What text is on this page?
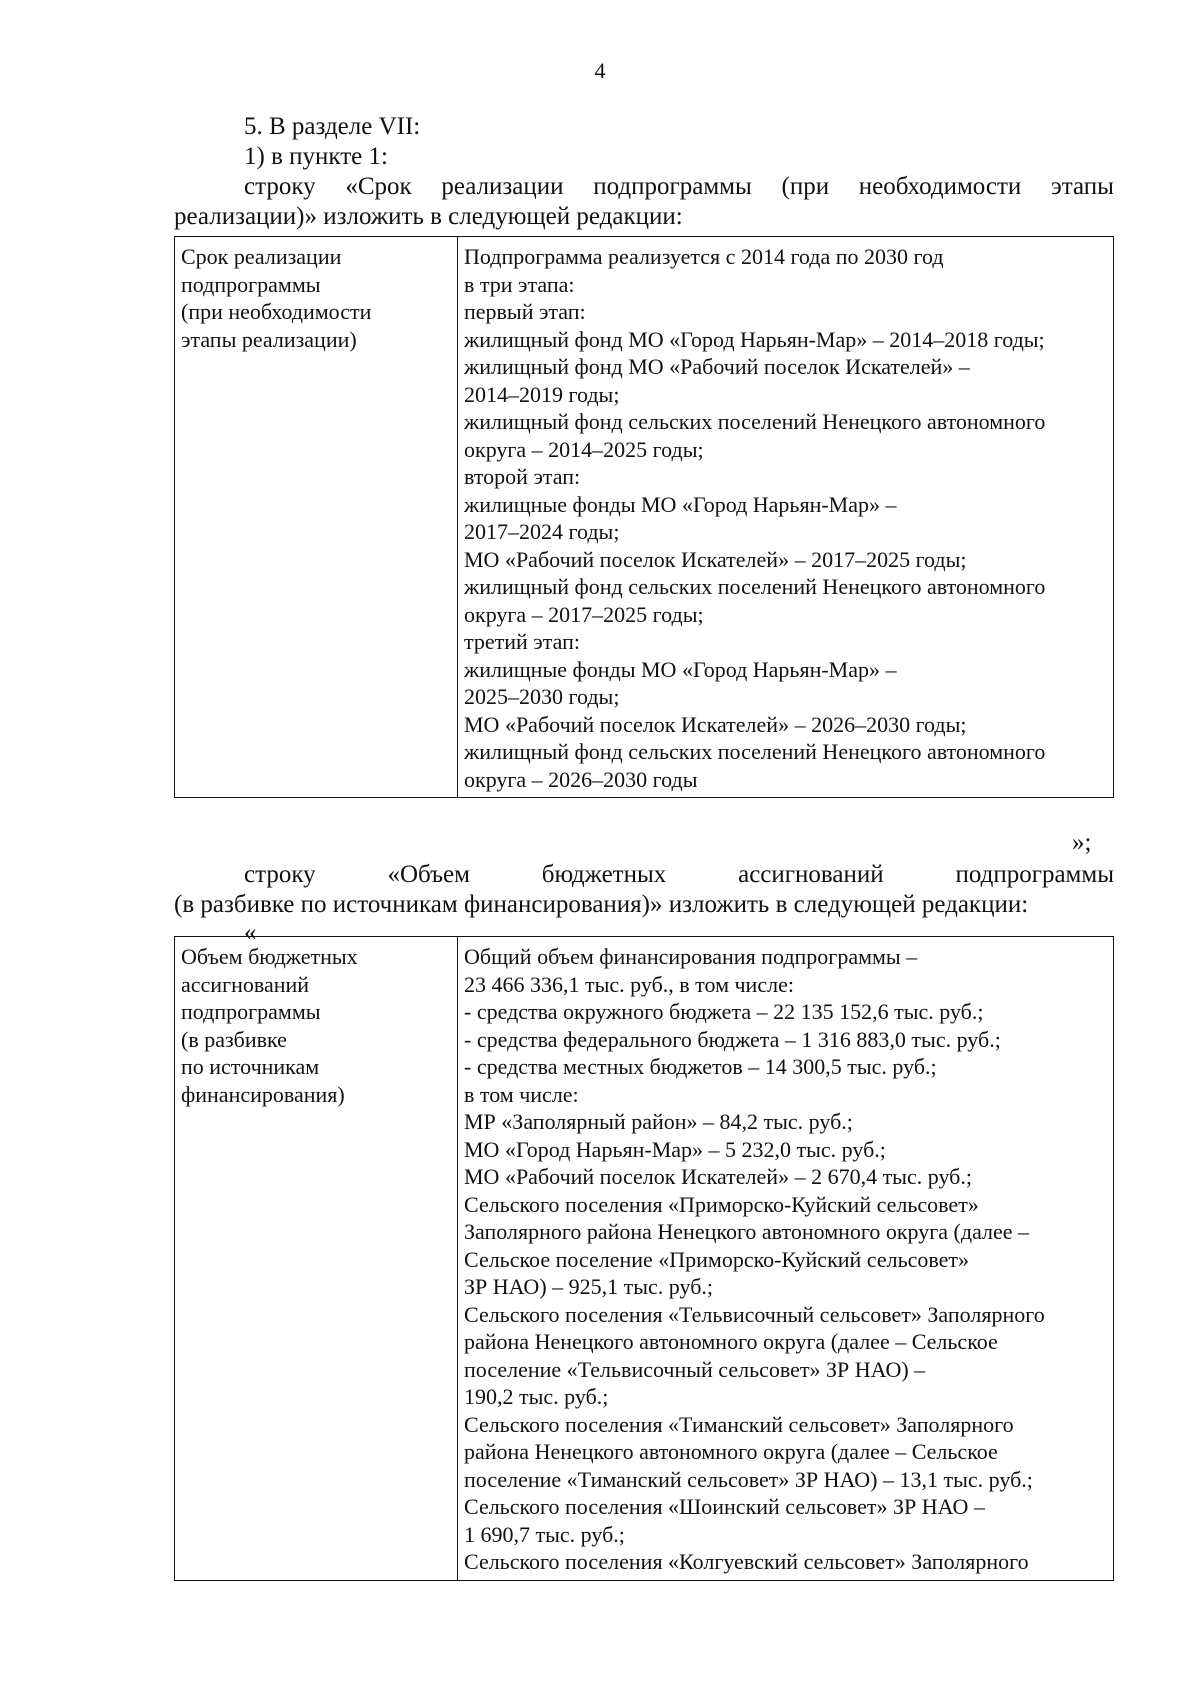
4
5. В разделе VII:
1) в пункте 1:
строку «Срок реализации подпрограммы (при необходимости этапы
реализации)» изложить в следующей редакции:
Срок реализации
подпрограммы
(при необходимости
этапы реализации)

Подпрограмма реализуется с 2014 года по 2030 год
в три этапа:
первый этап:
жилищный фонд МО «Город Нарьян-Мар» – 2014–2018 годы;
жилищный фонд МО «Рабочий поселок Искателей» –
2014–2019 годы;
жилищный фонд сельских поселений Ненецкого автономного
округа – 2014–2025 годы;
второй этап:
жилищные фонды МО «Город Нарьян-Мар» –
2017–2024 годы;
МО «Рабочий поселок Искателей» – 2017–2025 годы;
жилищный фонд сельских поселений Ненецкого автономного
округа – 2017–2025 годы;
третий этап:
жилищные фонды МО «Город Нарьян-Мар» –
2025–2030 годы;
МО «Рабочий поселок Искателей» – 2026–2030 годы;
жилищный фонд сельских поселений Ненецкого автономного
округа – 2026–2030 годы
»;
строку	«Объем	бюджетных	ассигнований	подпрограммы
(в разбивке по источникам финансирования)» изложить в следующей редакции:
«
Объем бюджетных
ассигнований
подпрограммы
(в разбивке
по источникам
финансирования)

Общий объем финансирования подпрограммы –
23 466 336,1 тыс. руб., в том числе:
- средства окружного бюджета – 22 135 152,6 тыс. руб.;
- средства федерального бюджета – 1 316 883,0 тыс. руб.;
- средства местных бюджетов – 14 300,5 тыс. руб.;
в том числе:
МР «Заполярный район» – 84,2 тыс. руб.;
МО «Город Нарьян-Мар» – 5 232,0 тыс. руб.;
МО «Рабочий поселок Искателей» – 2 670,4 тыс. руб.;
Сельского поселения «Приморско-Куйский сельсовет»
Заполярного района Ненецкого автономного округа (далее –
Сельское поселение «Приморско-Куйский сельсовет»
ЗР НАО) – 925,1 тыс. руб.;
Сельского поселения «Тельвисочный сельсовет» Заполярного
района Ненецкого автономного округа (далее – Сельское
поселение «Тельвисочный сельсовет» ЗР НАО) –
190,2 тыс. руб.;
Сельского поселения «Тиманский сельсовет» Заполярного
района Ненецкого автономного округа (далее – Сельское
поселение «Тиманский сельсовет» ЗР НАО) – 13,1 тыс. руб.;
Сельского поселения «Шоинский сельсовет» ЗР НАО –
1 690,7 тыс. руб.;
Сельского поселения «Колгуевский сельсовет» Заполярного
